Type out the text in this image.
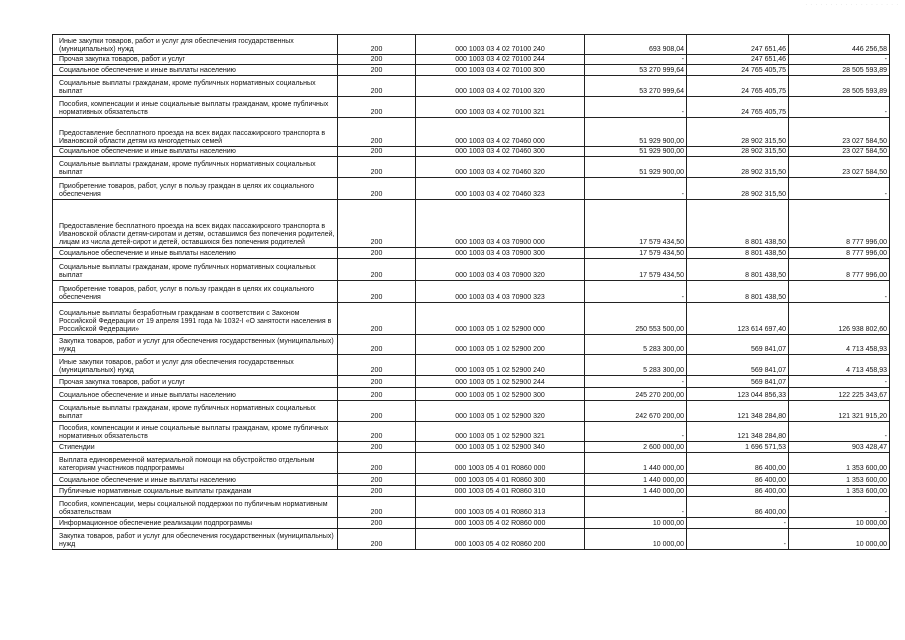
· · · · · · · · · · · · · · · · · · ·
Иные закупки товаров, работ и услуг для обеспечения государственных (муниципальных) нужд	200	000 1003 03 4 02 70100 240	693 908,04	247 651,46	446 256,58
Прочая закупка товаров, работ и услуг	200	000 1003 03 4 02 70100 244	-	247 651,46	-
Социальное обеспечение и иные выплаты населению	200	000 1003 03 4 02 70100 300	53 270 999,64	24 765 405,75	28 505 593,89
Социальные выплаты гражданам, кроме публичных нормативных социальных выплат	200	000 1003 03 4 02 70100 320	53 270 999,64	24 765 405,75	28 505 593,89
Пособия, компенсации и иные социальные выплаты гражданам, кроме публичных нормативных обязательств	200	000 1003 03 4 02 70100 321	-	24 765 405,75	-
Предоставление бесплатного проезда на всех видах пассажирского транспорта в Ивановской области детям из многодетных семей	200	000 1003 03 4 02 70460 000	51 929 900,00	28 902 315,50	23 027 584,50
Социальное обеспечение и иные выплаты населению	200	000 1003 03 4 02 70460 300	51 929 900,00	28 902 315,50	23 027 584,50
Социальные выплаты гражданам, кроме публичных нормативных социальных выплат	200	000 1003 03 4 02 70460 320	51 929 900,00	28 902 315,50	23 027 584,50
Приобретение товаров, работ, услуг в пользу граждан в целях их социального обеспечения	200	000 1003 03 4 02 70460 323	-	28 902 315,50	-
Предоставление бесплатного проезда на всех видах пассажирского транспорта в Ивановской области детям-сиротам и детям, оставшимся без попечения родителей, лицам из числа детей-сирот и детей, оставшихся без попечения родителей	200	000 1003 03 4 03 70900 000	17 579 434,50	8 801 438,50	8 777 996,00
Социальное обеспечение и иные выплаты населению	200	000 1003 03 4 03 70900 300	17 579 434,50	8 801 438,50	8 777 996,00
Социальные выплаты гражданам, кроме публичных нормативных социальных выплат	200	000 1003 03 4 03 70900 320	17 579 434,50	8 801 438,50	8 777 996,00
Приобретение товаров, работ, услуг в пользу граждан в целях их социального обеспечения	200	000 1003 03 4 03 70900 323	-	8 801 438,50	-
Социальные выплаты безработным гражданам в соответствии с Законом Российской Федерации от 19 апреля 1991 года № 1032-I «О занятости населения в Российской Федерации»	200	000 1003 05 1 02 52900 000	250 553 500,00	123 614 697,40	126 938 802,60
Закупка товаров, работ и услуг для обеспечения государственных (муниципальных) нужд	200	000 1003 05 1 02 52900 200	5 283 300,00	569 841,07	4 713 458,93
Иные закупки товаров, работ и услуг для обеспечения государственных (муниципальных) нужд	200	000 1003 05 1 02 52900 240	5 283 300,00	569 841,07	4 713 458,93
Прочая закупка товаров, работ и услуг	200	000 1003 05 1 02 52900 244	-	569 841,07	-
Социальное обеспечение и иные выплаты населению	200	000 1003 05 1 02 52900 300	245 270 200,00	123 044 856,33	122 225 343,67
Социальные выплаты гражданам, кроме публичных нормативных социальных выплат	200	000 1003 05 1 02 52900 320	242 670 200,00	121 348 284,80	121 321 915,20
Пособия, компенсации и иные социальные выплаты гражданам, кроме публичных нормативных обязательств	200	000 1003 05 1 02 52900 321	-	121 348 284,80	-
Стипендии	200	000 1003 05 1 02 52900 340	2 600 000,00	1 696 571,53	903 428,47
Выплата единовременной материальной помощи на обустройство отдельным категориям участников подпрограммы	200	000 1003 05 4 01 R0860 000	1 440 000,00	86 400,00	1 353 600,00
Социальное обеспечение и иные выплаты населению	200	000 1003 05 4 01 R0860 300	1 440 000,00	86 400,00	1 353 600,00
Публичные нормативные социальные выплаты гражданам	200	000 1003 05 4 01 R0860 310	1 440 000,00	86 400,00	1 353 600,00
Пособия, компенсации, меры социальной поддержки по публичным нормативным обязательствам	200	000 1003 05 4 01 R0860 313	-	86 400,00	-
Информационное обеспечение реализации подпрограммы	200	000 1003 05 4 02 R0860 000	10 000,00	-	10 000,00
Закупка товаров, работ и услуг для обеспечения государственных (муниципальных) нужд	200	000 1003 05 4 02 R0860 200	10 000,00	-	10 000,00
